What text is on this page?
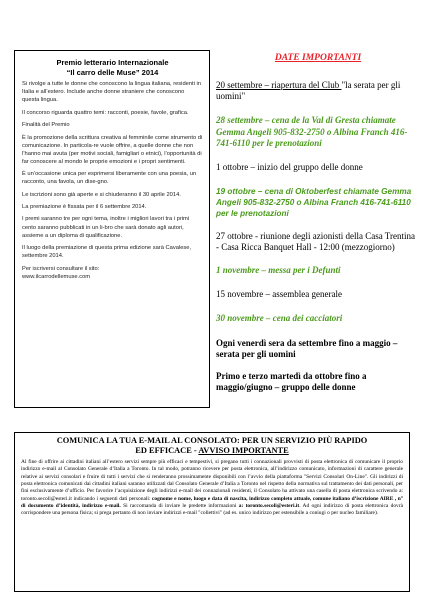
Premio letterario Internazionale
“Il carro delle Muse” 2014
Si rivolge a tutte le donne che conoscono la lingua italiana, residenti in Italia e all’estero. Include anche donne straniere che conoscono questa lingua.
Il concorso riguarda quattro temi: racconti, poesie, favole, grafica.
Finalità del Premio
È la promozione della scrittura creativa al femminile come strumento di comunicazione. In particola-re vuole offrire, a quelle donne che non l’hanno mai avuta (per motivi sociali, famigliari o etnici), l’opportunità di far conoscere al mondo le proprie emozioni e i propri sentimenti.
È un’occasione unica per esprimersi liberamente con una poesia, un racconto, una favola, un dise-gno.
Le iscrizioni sono già aperte e si chiuderanno il 30 aprile 2014.
La premiazione è fissata per il 6 settembre 2014.
I premi saranno tre per ogni tema, inoltre i migliori lavori tra i primi cento saranno pubblicati in un li-bro che sarà donato agli autori, assieme a un diploma di qualificazione.
Il luogo della premiazione di questa prima edizione sarà Cavalese, settembre 2014.
Per iscriversi consultare il sito:
www.ilcarrodellemuse.com
DATE IMPORTANTI
20 settembre – riapertura del Club "la serata per gli uomini"
28 settembre – cena de la Val di Gresta chiamate Gemma Angeli 905-832-2750 o Albina Franch 416-741-6110 per le prenotazioni
1 ottobre – inizio del gruppo delle donne
19 ottobre – cena di Oktoberfest chiamate Gemma Angeli 905-832-2750 o Albina Franch 416-741-6110 per le prenotazioni
27 ottobre - riunione degli azionisti della Casa Trentina - Casa Ricca Banquet Hall - 12:00 (mezzogiorno)
1 novembre – messa per i Defunti
15 novembre – assemblea generale
30 novembre – cena dei cacciatori
Ogni venerdì sera da settembre fino a maggio – serata per gli uomini
Primo e terzo martedì da ottobre fino a maggio/giugno – gruppo delle donne
COMUNICA LA TUA E-MAIL AL CONSOLATO: PER UN SERVIZIO PIÙ RAPIDO
ED EFFICACE - AVVISO IMPORTANTE
Al fine di offrire ai cittadini italiani all’estero servizi sempre più efficaci e tempestivi, si pregano tutti i connazionali provvisti di posta elettronica di comunicare il proprio indirizzo e-mail al Consolato Generale d’Italia a Toronto. In tal modo, potranno ricevere per posta elettronica, all’indirizzo comunicato, informazioni di carattere generale relative ai servizi consolari e fruire di tutti i servizi che si renderanno prossimamente disponibili con l’avvio della piattaforma "Servizi Consolari On-Line". Gli indirizzi di posta elettronica comunicati dai cittadini italiani saranno utilizzati dal Consolato Generale d’Italia a Toronto nel rispetto della normativa sul trattamento dei dati personali, per fini esclusivamente d’ufficio. Per favorire l’acquisizione degli indirizzi e-mail dei connazionali residenti, il Consolato ha attivato una casella di posta elettronica scrivendo a: toronto.secoli@esteri.it indicando i seguenti dati personali: cognome e nome, luogo e data di nascita, indirizzo completo attuale, comune italiano d’iscrizione AIRE , n° di documento d’identità, indirizzo e-mail. Si raccomanda di inviare le predette informazioni a: toronto.secoli@esteri.it. Ad ogni indirizzo di posta elettronica dovrà corrispondere una persona fisica; si prega pertanto di non inviare indirizzi e-mail "collettivi" (ad es. unico indirizzo per estensibile a coniugi o per nucleo familiare).
